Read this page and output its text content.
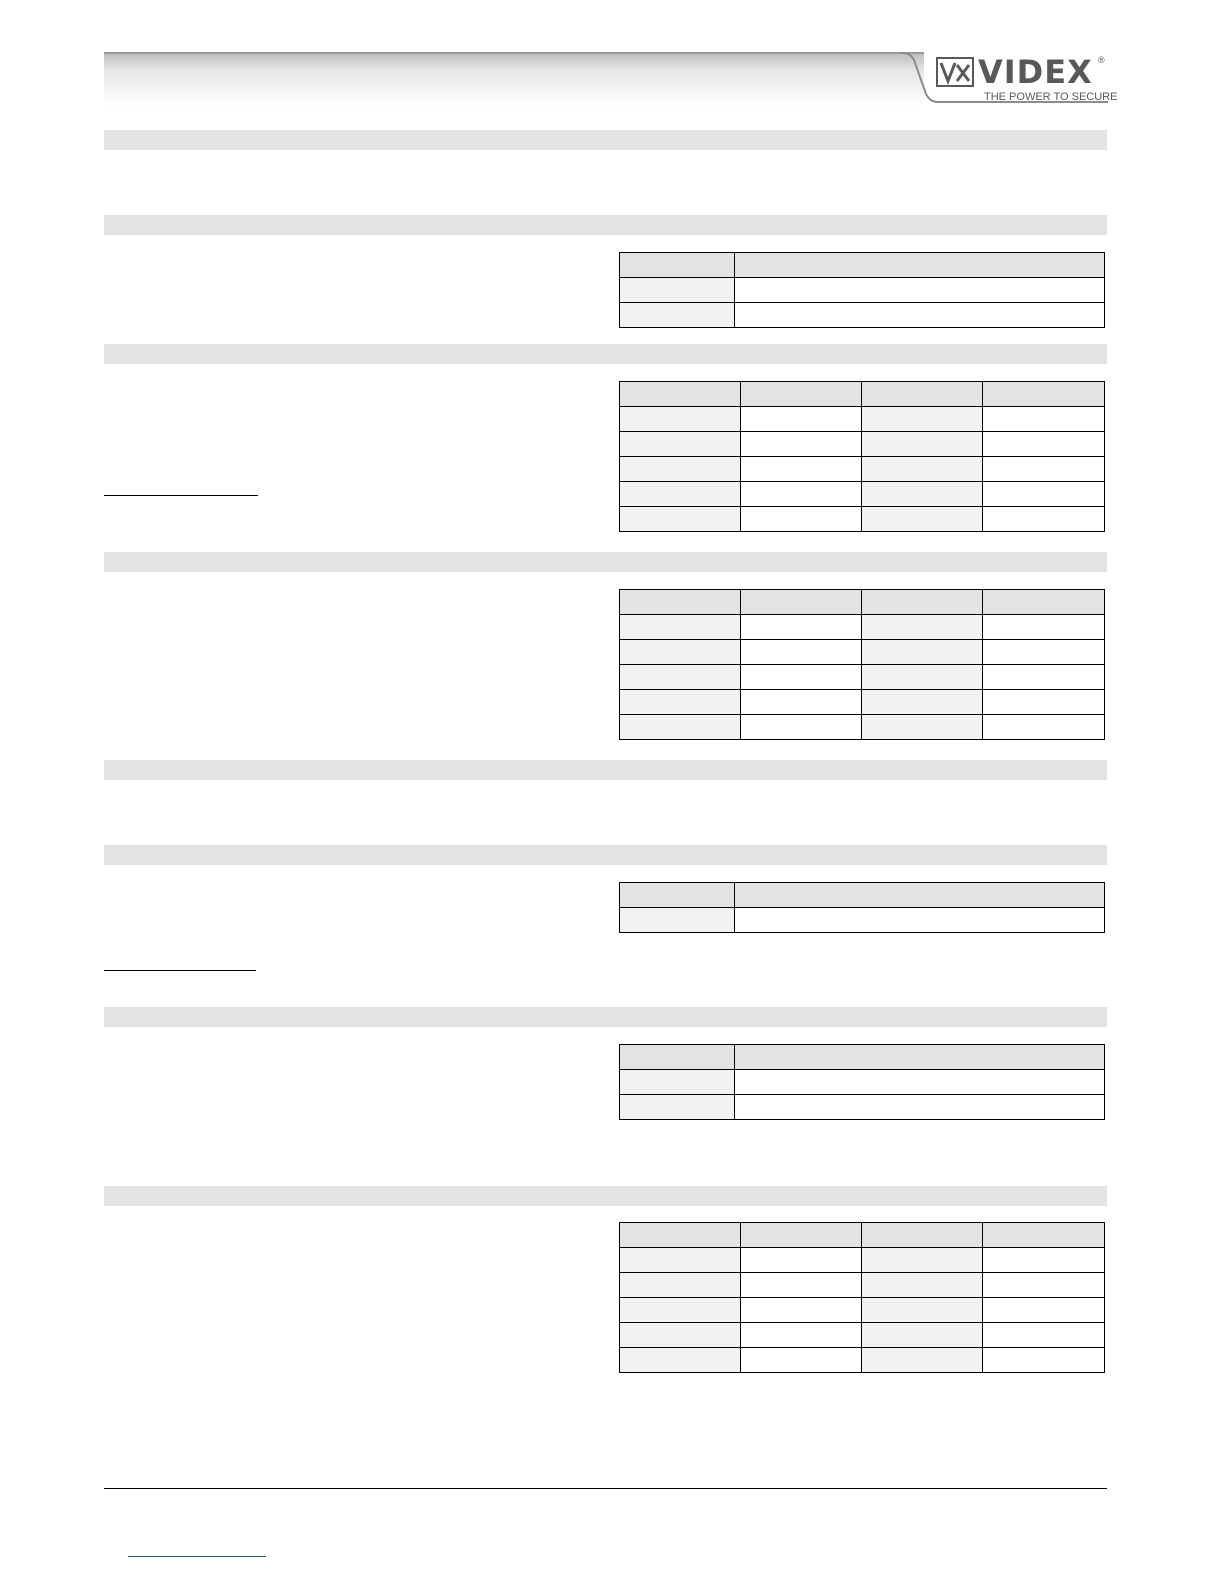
VIDEX ®
THE POWER TO SECURE
